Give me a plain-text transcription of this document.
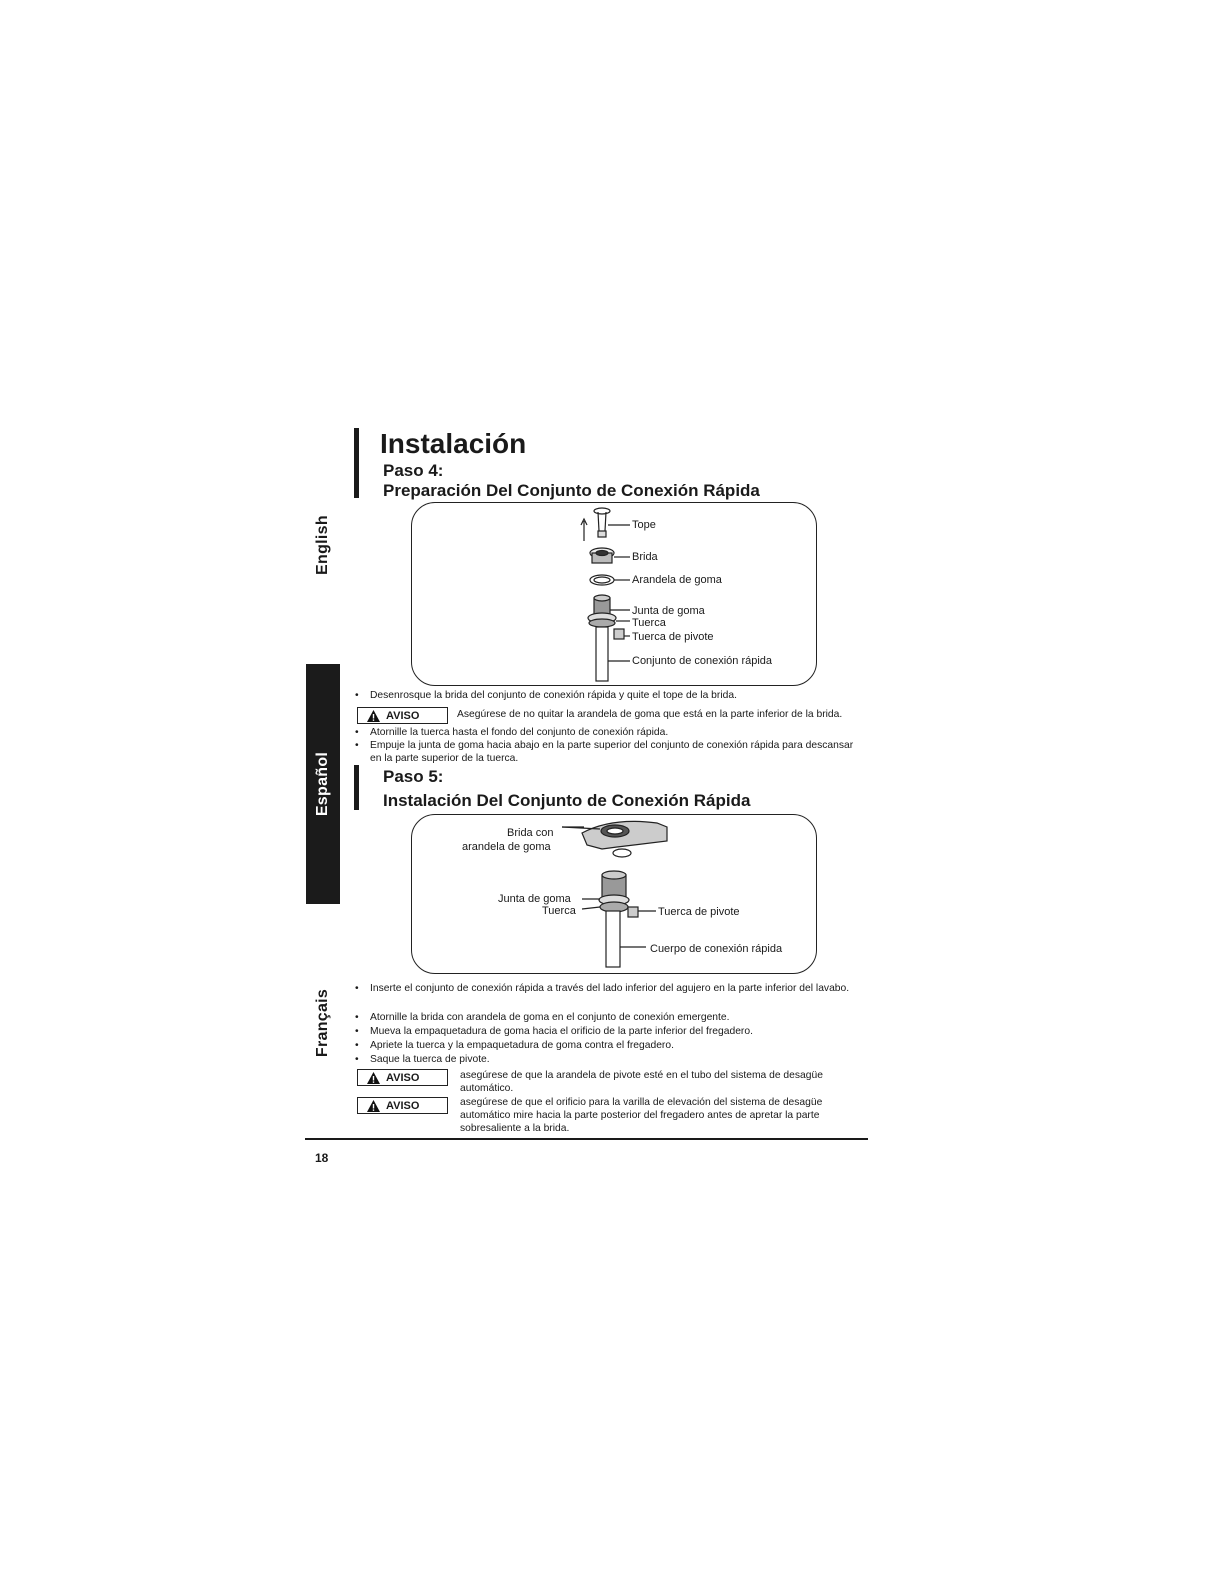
English
Español
Français
Instalación
Paso 4:
Preparación Del Conjunto de Conexión Rápida
Tope
Brida
Arandela de goma
Junta de goma
Tuerca
Tuerca de pivote
Conjunto de conexión rápida
• Desenrosque la brida del conjunto de conexión rápida y quite el tope de la brida.
AVISO	Asegúrese de no quitar la arandela de goma que está en la parte inferior de la brida.
• Atornille la tuerca hasta el fondo del conjunto de conexión rápida.
• Empuje la junta de goma hacia abajo en la parte superior del conjunto de conexión rápida para descansar en la parte superior de la tuerca.
Paso 5:
Instalación Del Conjunto de Conexión Rápida
Brida con
arandela de goma
Junta de goma
Tuerca	Tuerca de pivote
Cuerpo de conexión rápida
• Inserte el conjunto de conexión rápida a través del lado inferior del agujero en la parte inferior del lavabo.
• Atornille la brida con arandela de goma en el conjunto de conexión emergente.
• Mueva la empaquetadura de goma hacia el orificio de la parte inferior del fregadero.
• Apriete la tuerca y la empaquetadura de goma contra el fregadero.
• Saque la tuerca de pivote.
AVISO	asegúrese de que la arandela de pivote esté en el tubo del sistema de desagüe automático.
AVISO	asegúrese de que el orificio para la varilla de elevación del sistema de desagüe automático mire hacia la parte posterior del fregadero antes de apretar la parte sobresaliente a la brida.
18
